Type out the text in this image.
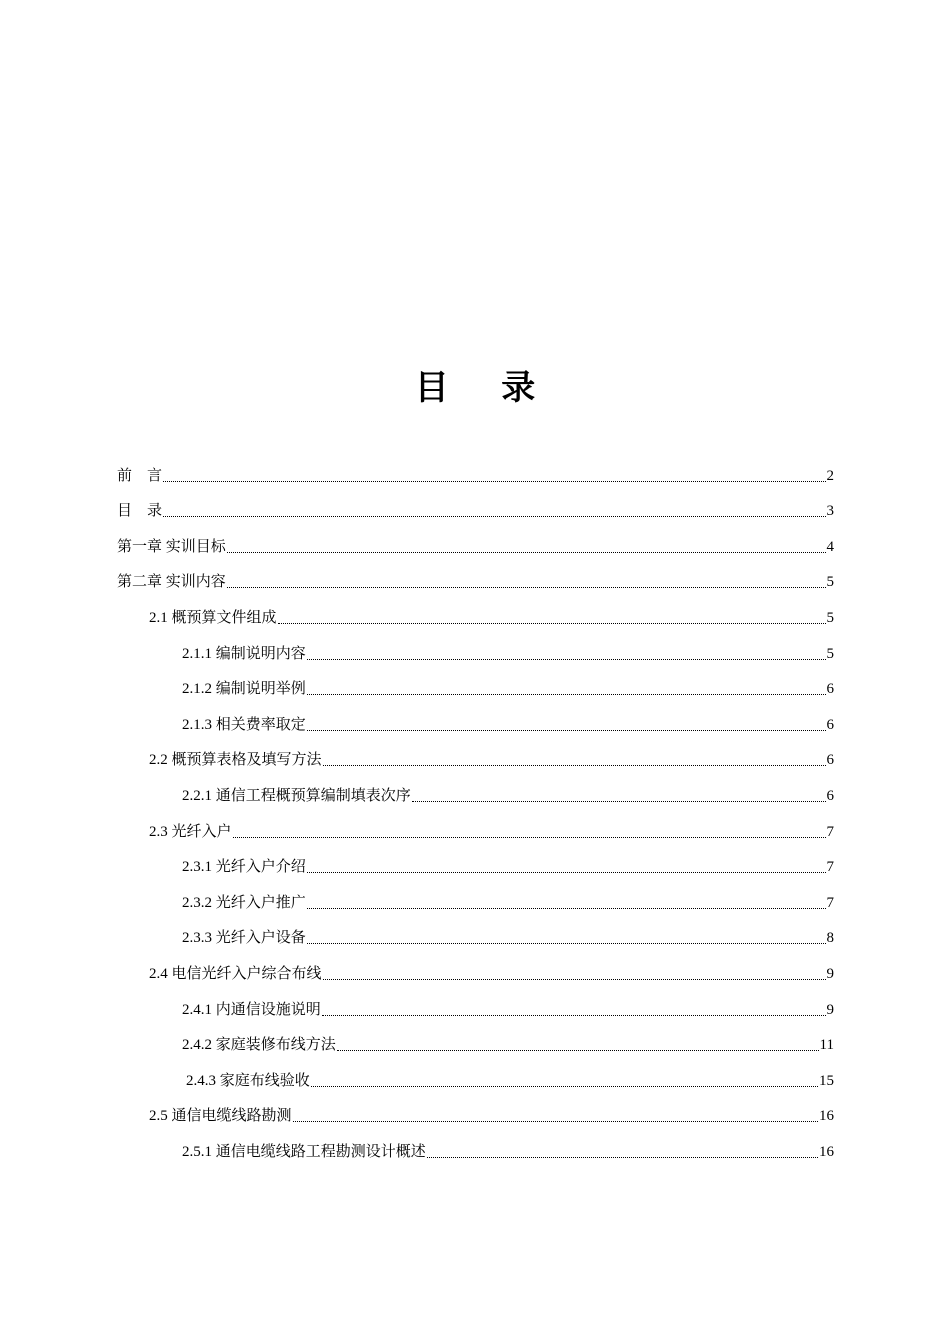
目 录
前    言	2
目    录	3
第一章 实训目标	4
第二章 实训内容	5
2.1 概预算文件组成	5
2.1.1 编制说明内容	5
2.1.2 编制说明举例	6
2.1.3 相关费率取定	6
2.2 概预算表格及填写方法	6
2.2.1 通信工程概预算编制填表次序	6
2.3 光纤入户	7
2.3.1 光纤入户介绍	7
2.3.2 光纤入户推广	7
2.3.3 光纤入户设备	8
2.4 电信光纤入户综合布线	9
2.4.1 内通信设施说明	9
2.4.2 家庭装修布线方法	11
2.4.3 家庭布线验收	15
2.5 通信电缆线路勘测	16
2.5.1 通信电缆线路工程勘测设计概述	16
